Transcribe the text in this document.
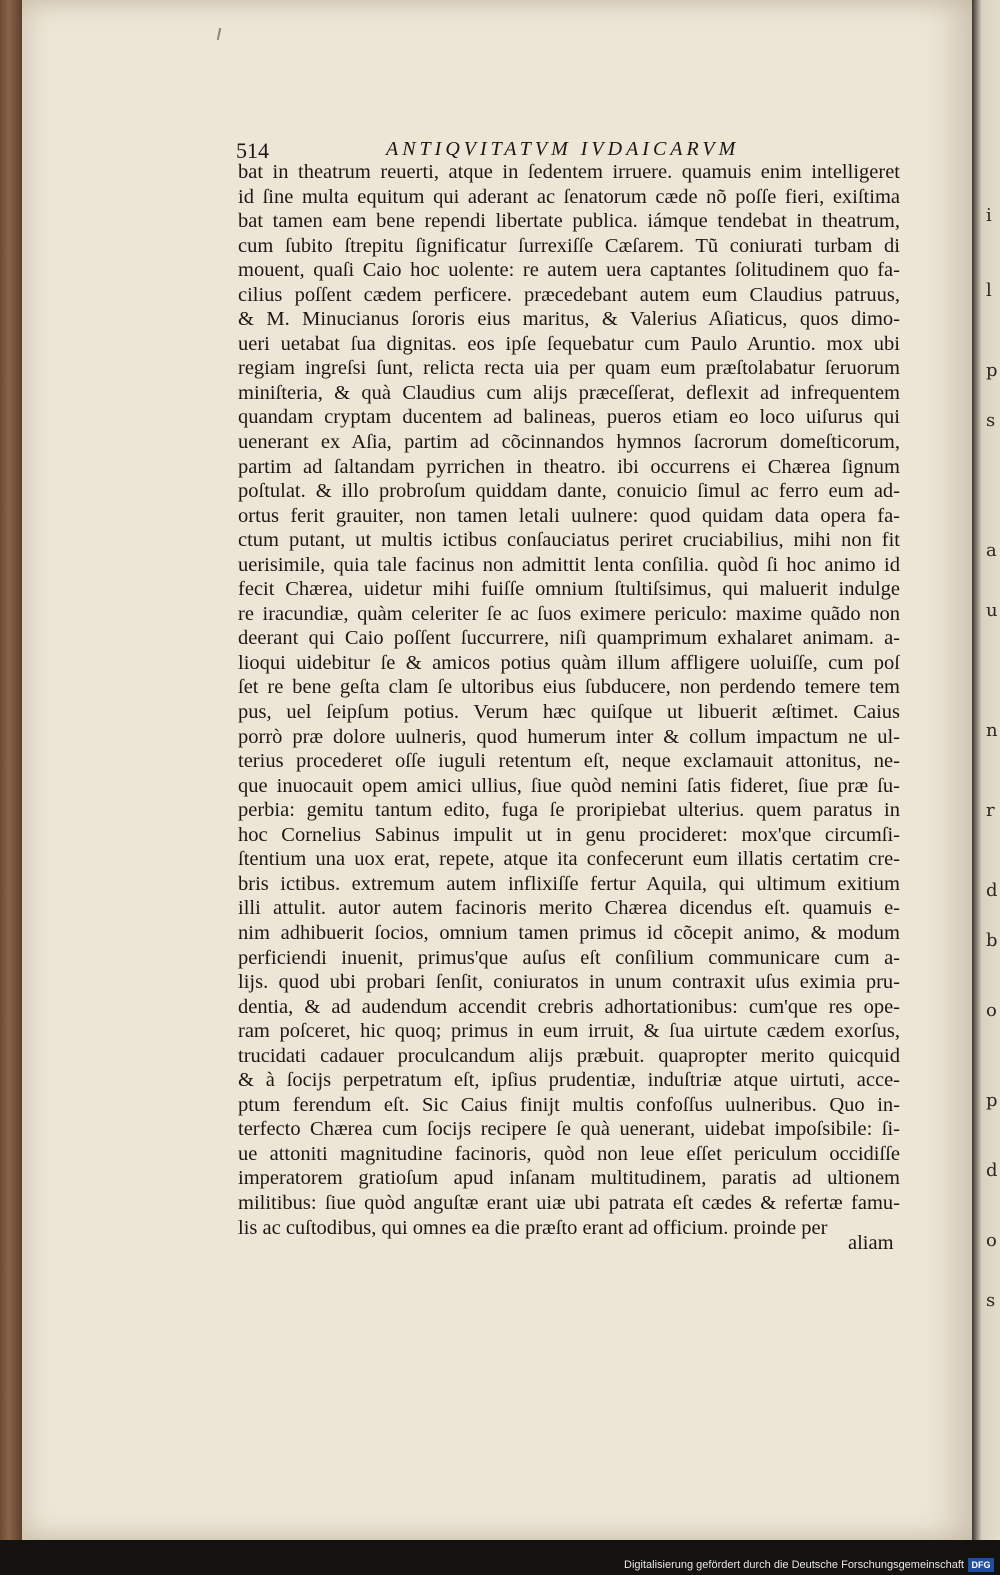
i
l
p
s
a
u
n
r
d
b
o
p
d
o
s
514	ANTIQVITATVM IVDAICARVM
bat in theatrum reuerti, atque in ſedentem irruere. quamuis enim intelligeret
id ſine multa equitum qui aderant ac ſenatorum cæde nõ poſſe fieri, exiſtima
bat tamen eam bene rependi libertate publica. iámque tendebat in theatrum,
cum ſubito ſtrepitu ſignificatur ſurrexiſſe Cæſarem. Tũ coniurati turbam di
mouent, quaſi Caio hoc uolente: re autem uera captantes ſolitudinem quo fa-
cilius poſſent cædem perficere. præcedebant autem eum Claudius patruus,
& M. Minucianus ſororis eius maritus, & Valerius Aſiaticus, quos dimo-
ueri uetabat ſua dignitas. eos ipſe ſequebatur cum Paulo Aruntio. mox ubi
regiam ingreſsi ſunt, relicta recta uia per quam eum præſtolabatur ſeruorum
miniſteria, & quà Claudius cum alijs præceſſerat, deflexit ad infrequentem
quandam cryptam ducentem ad balineas, pueros etiam eo loco uiſurus qui
uenerant ex Aſia, partim ad cõcinnandos hymnos ſacrorum domeſticorum,
partim ad ſaltandam pyrrichen in theatro. ibi occurrens ei Chærea ſignum
poſtulat. & illo probroſum quiddam dante, conuicio ſimul ac ferro eum ad-
ortus ferit grauiter, non tamen letali uulnere: quod quidam data opera fa-
ctum putant, ut multis ictibus conſauciatus periret cruciabilius, mihi non fit
uerisimile, quia tale facinus non admittit lenta conſilia. quòd ſi hoc animo id
fecit Chærea, uidetur mihi fuiſſe omnium ſtultiſsimus, qui maluerit indulge
re iracundiæ, quàm celeriter ſe ac ſuos eximere periculo: maxime quãdo non
deerant qui Caio poſſent ſuccurrere, niſi quamprimum exhalaret animam. a-
lioqui uidebitur ſe & amicos potius quàm illum affligere uoluiſſe, cum poſ
ſet re bene geſta clam ſe ultoribus eius ſubducere, non perdendo temere tem
pus, uel ſeipſum potius. Verum hæc quiſque ut libuerit æſtimet. Caius
porrò præ dolore uulneris, quod humerum inter & collum impactum ne ul-
terius procederet oſſe iuguli retentum eſt, neque exclamauit attonitus, ne-
que inuocauit opem amici ullius, ſiue quòd nemini ſatis fideret, ſiue præ ſu-
perbia: gemitu tantum edito, fuga ſe proripiebat ulterius. quem paratus in
hoc Cornelius Sabinus impulit ut in genu procideret: mox'que circumſi-
ſtentium una uox erat, repete, atque ita confecerunt eum illatis certatim cre-
bris ictibus. extremum autem inflixiſſe fertur Aquila, qui ultimum exitium
illi attulit. autor autem facinoris merito Chærea dicendus eſt. quamuis e-
nim adhibuerit ſocios, omnium tamen primus id cõcepit animo, & modum
perficiendi inuenit, primus'que auſus eſt conſilium communicare cum a-
lijs. quod ubi probari ſenſit, coniuratos in unum contraxit uſus eximia pru-
dentia, & ad audendum accendit crebris adhortationibus: cum'que res ope-
ram poſceret, hic quoq; primus in eum irruit, & ſua uirtute cædem exorſus,
trucidati cadauer proculcandum alijs præbuit. quapropter merito quicquid
& à ſocijs perpetratum eſt, ipſius prudentiæ, induſtriæ atque uirtuti, acce-
ptum ferendum eſt. Sic Caius finijt multis confoſſus uulneribus. Quo in-
terfecto Chærea cum ſocijs recipere ſe quà uenerant, uidebat impoſsibile: ſi-
ue attoniti magnitudine facinoris, quòd non leue eſſet periculum occidiſſe
imperatorem gratioſum apud inſanam multitudinem, paratis ad ultionem
militibus: ſiue quòd anguſtæ erant uiæ ubi patrata eſt cædes & refertæ famu-
lis ac cuſtodibus, qui omnes ea die præſto erant ad officium. proinde per
aliam
Digitalisierung gefördert durch die Deutsche Forschungsgemeinschaft DFG
